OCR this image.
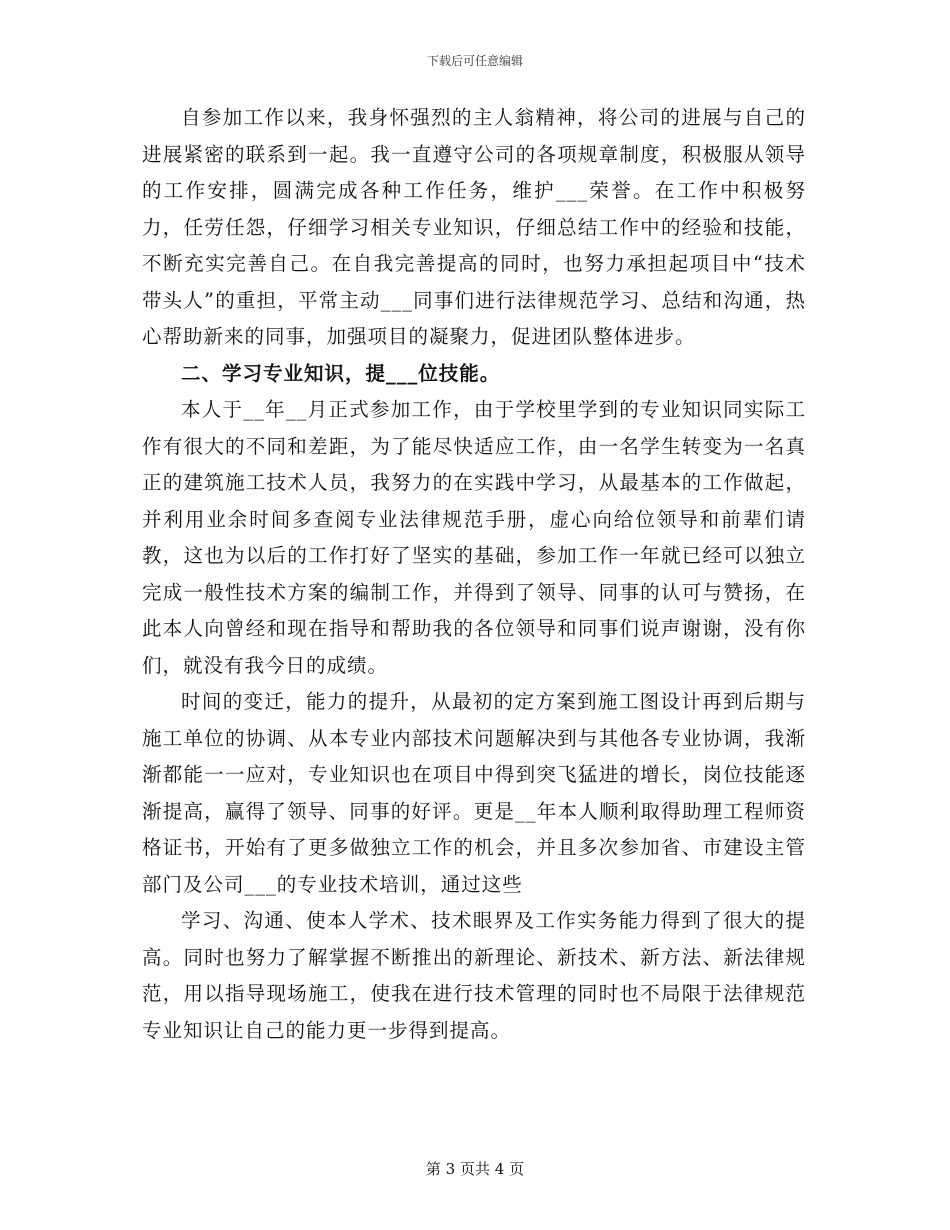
下载后可任意编辑

自参加工作以来，我身怀强烈的主人翁精神，将公司的进展与自己的进展紧密的联系到一起。我一直遵守公司的各项规章制度，积极服从领导的工作安排，圆满完成各种工作任务，维护___荣誉。在工作中积极努力，任劳任怨，仔细学习相关专业知识，仔细总结工作中的经验和技能，不断充实完善自己。在自我完善提高的同时，也努力承担起项目中“技术带头人”的重担，平常主动___同事们进行法律规范学习、总结和沟通，热心帮助新来的同事，加强项目的凝聚力，促进团队整体进步。

二、学习专业知识，提___位技能。

本人于__年__月正式参加工作，由于学校里学到的专业知识同实际工作有很大的不同和差距，为了能尽快适应工作，由一名学生转变为一名真正的建筑施工技术人员，我努力的在实践中学习，从最基本的工作做起，并利用业余时间多查阅专业法律规范手册，虚心向给位领导和前辈们请教，这也为以后的工作打好了坚实的基础，参加工作一年就已经可以独立完成一般性技术方案的编制工作，并得到了领导、同事的认可与赞扬，在此本人向曾经和现在指导和帮助我的各位领导和同事们说声谢谢，没有你们，就没有我今日的成绩。

时间的变迁，能力的提升，从最初的定方案到施工图设计再到后期与施工单位的协调、从本专业内部技术问题解决到与其他各专业协调，我渐渐都能一一应对，专业知识也在项目中得到突飞猛进的增长，岗位技能逐渐提高，赢得了领导、同事的好评。更是__年本人顺利取得助理工程师资格证书，开始有了更多做独立工作的机会，并且多次参加省、市建设主管部门及公司___的专业技术培训，通过这些

学习、沟通、使本人学术、技术眼界及工作实务能力得到了很大的提高。同时也努力了解掌握不断推出的新理论、新技术、新方法、新法律规范，用以指导现场施工，使我在进行技术管理的同时也不局限于法律规范专业知识让自己的能力更一步得到提高。

第 3 页共 4 页
